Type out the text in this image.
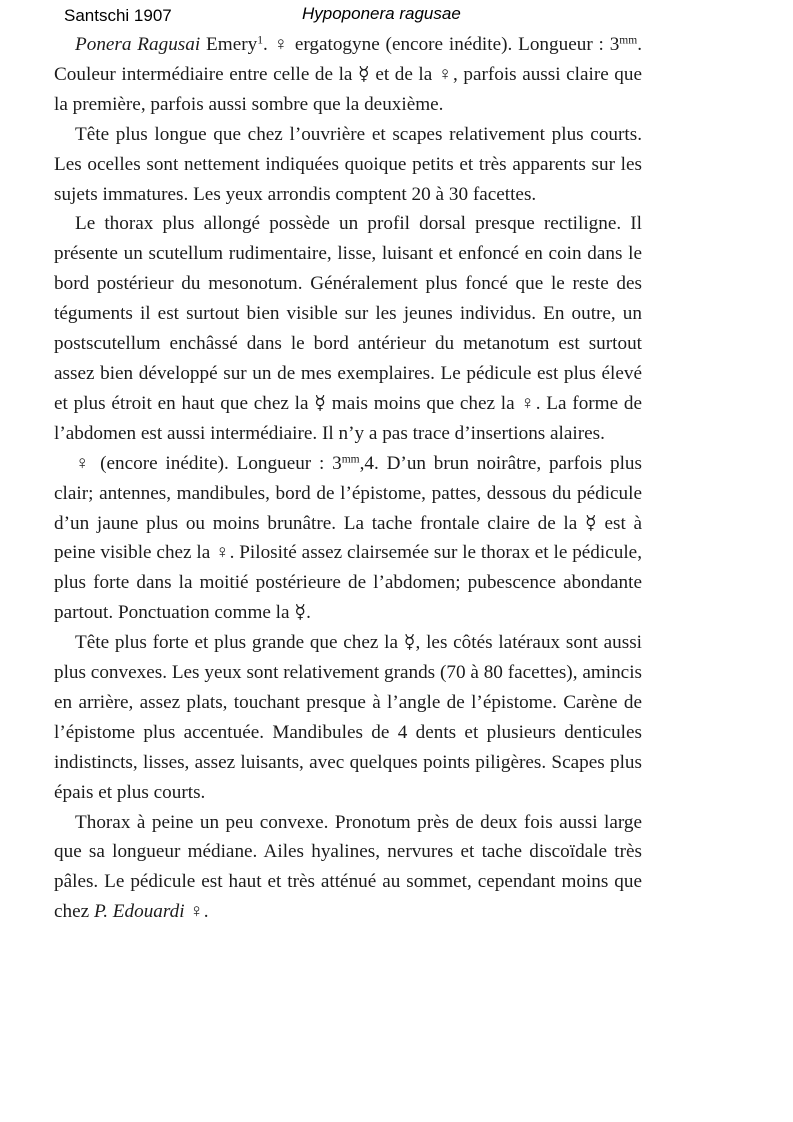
Santschi 1907	Hypoponera ragusae

Ponera Ragusai Emery$^1$. ♀ ergatogyne (encore inédite). Longueur : $3^{mm}$. Couleur intermédiaire entre celle de la ☿ et de la ♀, parfois aussi claire que la première, parfois aussi sombre que la deuxième.

Tête plus longue que chez l’ouvrière et scapes relativement plus courts. Les ocelles sont nettement indiquées quoique petits et très apparents sur les sujets immatures. Les yeux arrondis comptent 20 à 30 facettes.

Le thorax plus allongé possède un profil dorsal presque rectiligne. Il présente un scutellum rudimentaire, lisse, luisant et enfoncé en coin dans le bord postérieur du mesonotum. Généralement plus foncé que le reste des téguments il est surtout bien visible sur les jeunes individus. En outre, un postscutellum enchâssé dans le bord antérieur du metanotum est surtout assez bien développé sur un de mes exemplaires. Le pédicule est plus élevé et plus étroit en haut que chez la ☿ mais moins que chez la ♀. La forme de l’abdomen est aussi intermédiaire. Il n’y a pas trace d’insertions alaires.

♀ (encore inédite). Longueur : $3^{mm},4$. D’un brun noirâtre, parfois plus clair; antennes, mandibules, bord de l’épistome, pattes, dessous du pédicule d’un jaune plus ou moins brunâtre. La tache frontale claire de la ☿ est à peine visible chez la ♀. Pilosité assez clairsemée sur le thorax et le pédicule, plus forte dans la moitié postérieure de l’abdomen; pubescence abondante partout. Ponctuation comme la ☿.

Tête plus forte et plus grande que chez la ☿, les côtés latéraux sont aussi plus convexes. Les yeux sont relativement grands (70 à 80 facettes), amincis en arrière, assez plats, touchant presque à l’angle de l’épistome. Carène de l’épistome plus accentuée. Mandibules de 4 dents et plusieurs denticules indistincts, lisses, assez luisants, avec quelques points piligères. Scapes plus épais et plus courts.

Thorax à peine un peu convexe. Pronotum près de deux fois aussi large que sa longueur médiane. Ailes hyalines, nervures et tache discoïdale très pâles. Le pédicule est haut et très atténué au sommet, cependant moins que chez P. Edouardi ♀.
